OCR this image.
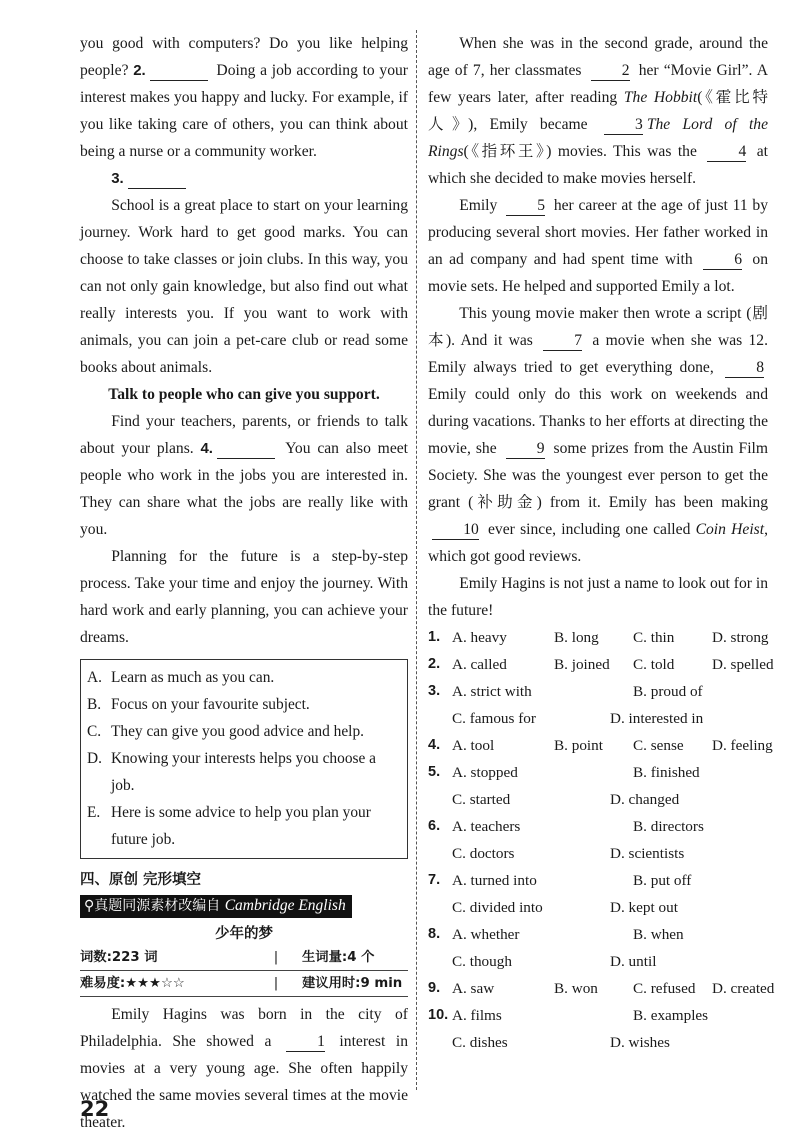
you good with computers? Do you like helping people? 2.	Doing a job according to your interest makes you happy and lucky. For example, if you like taking care of others, you can think about being a nurse or a community worker.

3.

School is a great place to start on your learning journey. Work hard to get good marks. You can choose to take classes or join clubs. In this way, you can not only gain knowledge, but also find out what really interests you. If you want to work with animals, you can join a pet-care club or read some books about animals.

Talk to people who can give you support.

Find your teachers, parents, or friends to talk about your plans. 4.	You can also meet people who work in the jobs you are interested in. They can share what the jobs are really like with you.

Planning for the future is a step-by-step process. Take your time and enjoy the journey. With hard work and early planning, you can achieve your dreams.

A. Learn as much as you can.
B. Focus on your favourite subject.
C. They can give you good advice and help.
D. Knowing your interests helps you choose a job.
E. Here is some advice to help you plan your future job.
四、原创 完形填空
⚲真题同源素材改编自 Cambridge English
少年的梦
词数:223 词	|	生词量:4 个
难易度:★★★☆☆	|	建议用时:9 min

Emily Hagins was born in the city of Philadelphia. She showed a 1 interest in movies at a very young age. She often happily watched the same movies several times at the movie theater.

When she was in the second grade, around the age of 7, her classmates 2 her “Movie Girl”. A few years later, after reading The Hobbit(《霍比特人》), Emily became 3 The Lord of the Rings(《指环王》) movies. This was the 4 at which she decided to make movies herself.

Emily 5 her career at the age of just 11 by producing several short movies. Her father worked in an ad company and had spent time with 6 on movie sets. He helped and supported Emily a lot.

This young movie maker then wrote a script (剧本). And it was 7 a movie when she was 12. Emily always tried to get everything done, 8 Emily could only do this work on weekends and during vacations. Thanks to her efforts at directing the movie, she 9 some prizes from the Austin Film Society. She was the youngest ever person to get the grant (补助金) from it. Emily has been making 10 ever since, including one called Coin Heist, which got good reviews.

Emily Hagins is not just a name to look out for in the future!

1. A. heavy	B. long	C. thin	D. strong
2. A. called	B. joined	C. told	D. spelled
3. A. strict with	B. proud of
C. famous for	D. interested in
4. A. tool	B. point	C. sense	D. feeling
5. A. stopped	B. finished
C. started	D. changed
6. A. teachers	B. directors
C. doctors	D. scientists
7. A. turned into	B. put off
C. divided into	D. kept out
8. A. whether	B. when
C. though	D. until
9. A. saw	B. won	C. refused	D. created
10. A. films	B. examples
C. dishes	D. wishes
22
